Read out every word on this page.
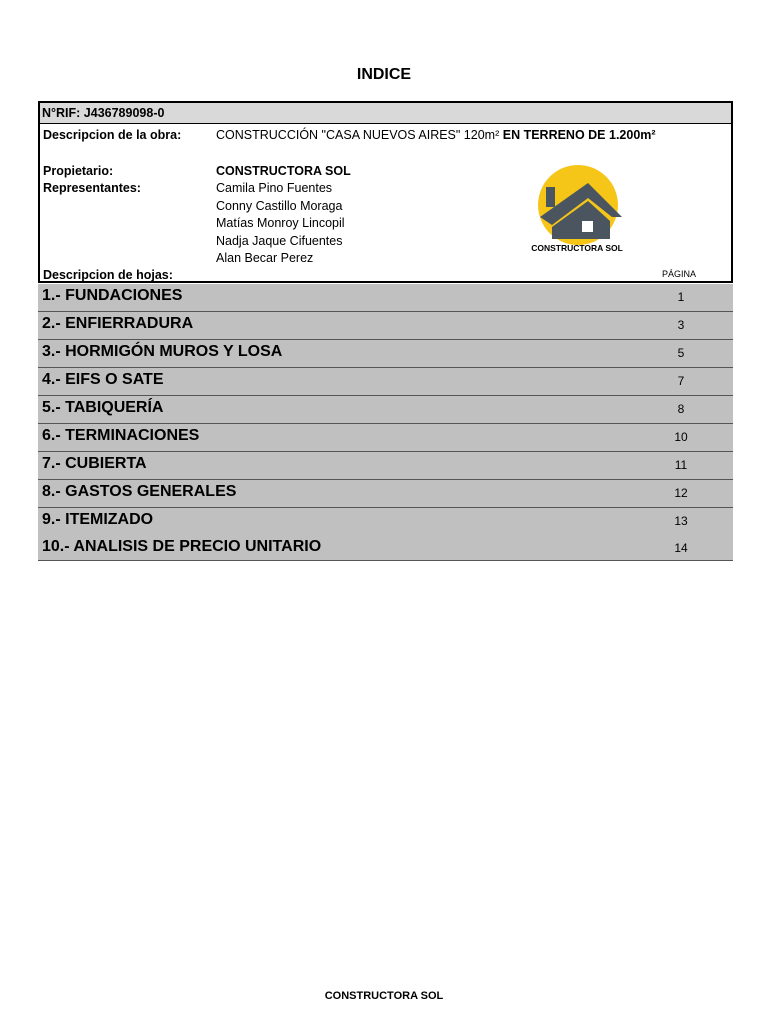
INDICE
N°RIF: J436789098-0
Descripcion de la obra:	CONSTRUCCIÓN "CASA NUEVOS AIRES" 120m² EN TERRENO DE 1.200m²
Propietario:	CONSTRUCTORA SOL
Representantes:	Camila Pino Fuentes
Conny Castillo Moraga
Matías Monroy Lincopil
Nadja Jaque Cifuentes
Alan Becar Perez
CONSTRUCTORA SOL
Descripcion de hojas:	PÁGINA
1.- FUNDACIONES	1
2.- ENFIERRADURA	3
3.- HORMIGÓN MUROS Y LOSA	5
4.- EIFS O SATE	7
5.- TABIQUERÍA	8
6.- TERMINACIONES	10
7.- CUBIERTA	11
8.- GASTOS GENERALES	12
9.- ITEMIZADO	13
10.- ANALISIS DE PRECIO UNITARIO	14
CONSTRUCTORA SOL
